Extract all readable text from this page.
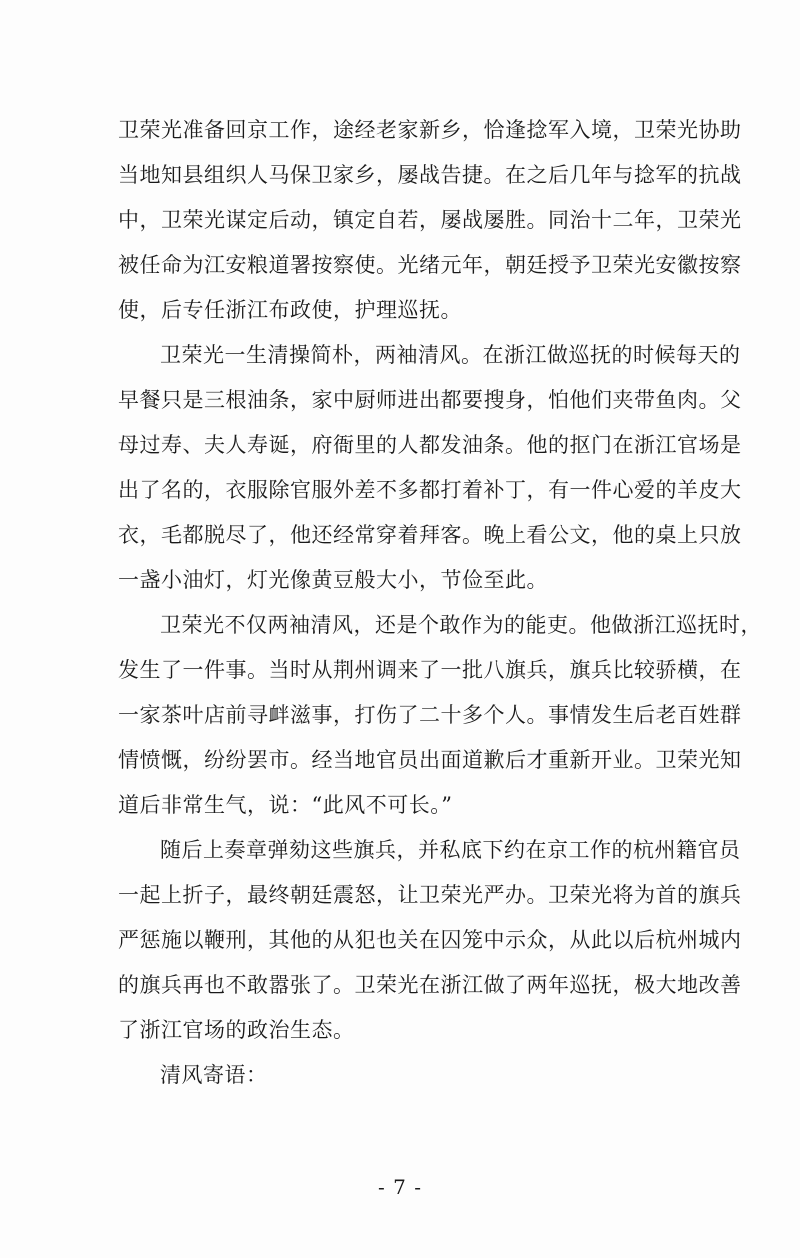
卫荣光准备回京工作，途经老家新乡，恰逢捻军入境，卫荣光协助
当地知县组织人马保卫家乡，屡战告捷。在之后几年与捻军的抗战
中，卫荣光谋定后动，镇定自若，屡战屡胜。同治十二年，卫荣光
被任命为江安粮道署按察使。光绪元年，朝廷授予卫荣光安徽按察
使，后专任浙江布政使，护理巡抚。
卫荣光一生清操简朴，两袖清风。在浙江做巡抚的时候每天的
早餐只是三根油条，家中厨师进出都要搜身，怕他们夹带鱼肉。父
母过寿、夫人寿诞，府衙里的人都发油条。他的抠门在浙江官场是
出了名的，衣服除官服外差不多都打着补丁，有一件心爱的羊皮大
衣，毛都脱尽了，他还经常穿着拜客。晚上看公文，他的桌上只放
一盏小油灯，灯光像黄豆般大小，节俭至此。
卫荣光不仅两袖清风，还是个敢作为的能吏。他做浙江巡抚时，
发生了一件事。当时从荆州调来了一批八旗兵，旗兵比较骄横，在
一家茶叶店前寻衅滋事，打伤了二十多个人。事情发生后老百姓群
情愤慨，纷纷罢市。经当地官员出面道歉后才重新开业。卫荣光知
道后非常生气，说：“此风不可长。”
随后上奏章弹劾这些旗兵，并私底下约在京工作的杭州籍官员
一起上折子，最终朝廷震怒，让卫荣光严办。卫荣光将为首的旗兵
严惩施以鞭刑，其他的从犯也关在囚笼中示众，从此以后杭州城内
的旗兵再也不敢嚣张了。卫荣光在浙江做了两年巡抚，极大地改善
了浙江官场的政治生态。
清风寄语：
- 7 -
